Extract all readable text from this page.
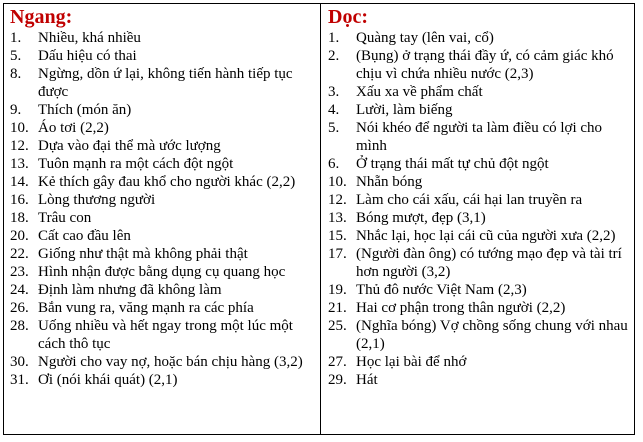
Ngang:
1.	Nhiều, khá nhiều
5.	Dấu hiệu có thai
8.	Ngừng, dồn ứ lại, không tiến hành tiếp tục được
9.	Thích (món ăn)
10. Áo tơi (2,2)
12. Dựa vào đại thể mà ước lượng
13. Tuôn mạnh ra một cách đột ngột
14. Kẻ thích gây đau khổ cho người khác (2,2)
16. Lòng thương người
18. Trâu con
20. Cất cao đầu lên
22. Giống như thật mà không phải thật
23. Hình nhận được bằng dụng cụ quang học
24. Định làm nhưng đã không làm
26. Bắn vung ra, văng mạnh ra các phía
28. Uống nhiều và hết ngay trong một lúc một cách thô tục
30. Người cho vay nợ, hoặc bán chịu hàng (3,2)
31. Ơi (nói khái quát) (2,1)
Dọc:
1.	Quàng tay (lên vai, cổ)
2.	(Bụng) ở trạng thái đầy ứ, có cảm giác khó chịu vì chứa nhiều nước (2,3)
3.	Xấu xa về phẩm chất
4.	Lười, làm biếng
5.	Nói khéo để người ta làm điều có lợi cho mình
6.	Ở trạng thái mất tự chủ đột ngột
10. Nhẵn bóng
12. Làm cho cái xấu, cái hại lan truyền ra
13. Bóng mượt, đẹp (3,1)
15. Nhắc lại, học lại cái cũ của người xưa (2,2)
17. (Người đàn ông) có tướng mạo đẹp và tài trí hơn người (3,2)
19. Thủ đô nước Việt Nam (2,3)
21. Hai cơ phận trong thân người (2,2)
25. (Nghĩa bóng) Vợ chồng sống chung với nhau (2,1)
27. Học lại bài để nhớ
29. Hát
